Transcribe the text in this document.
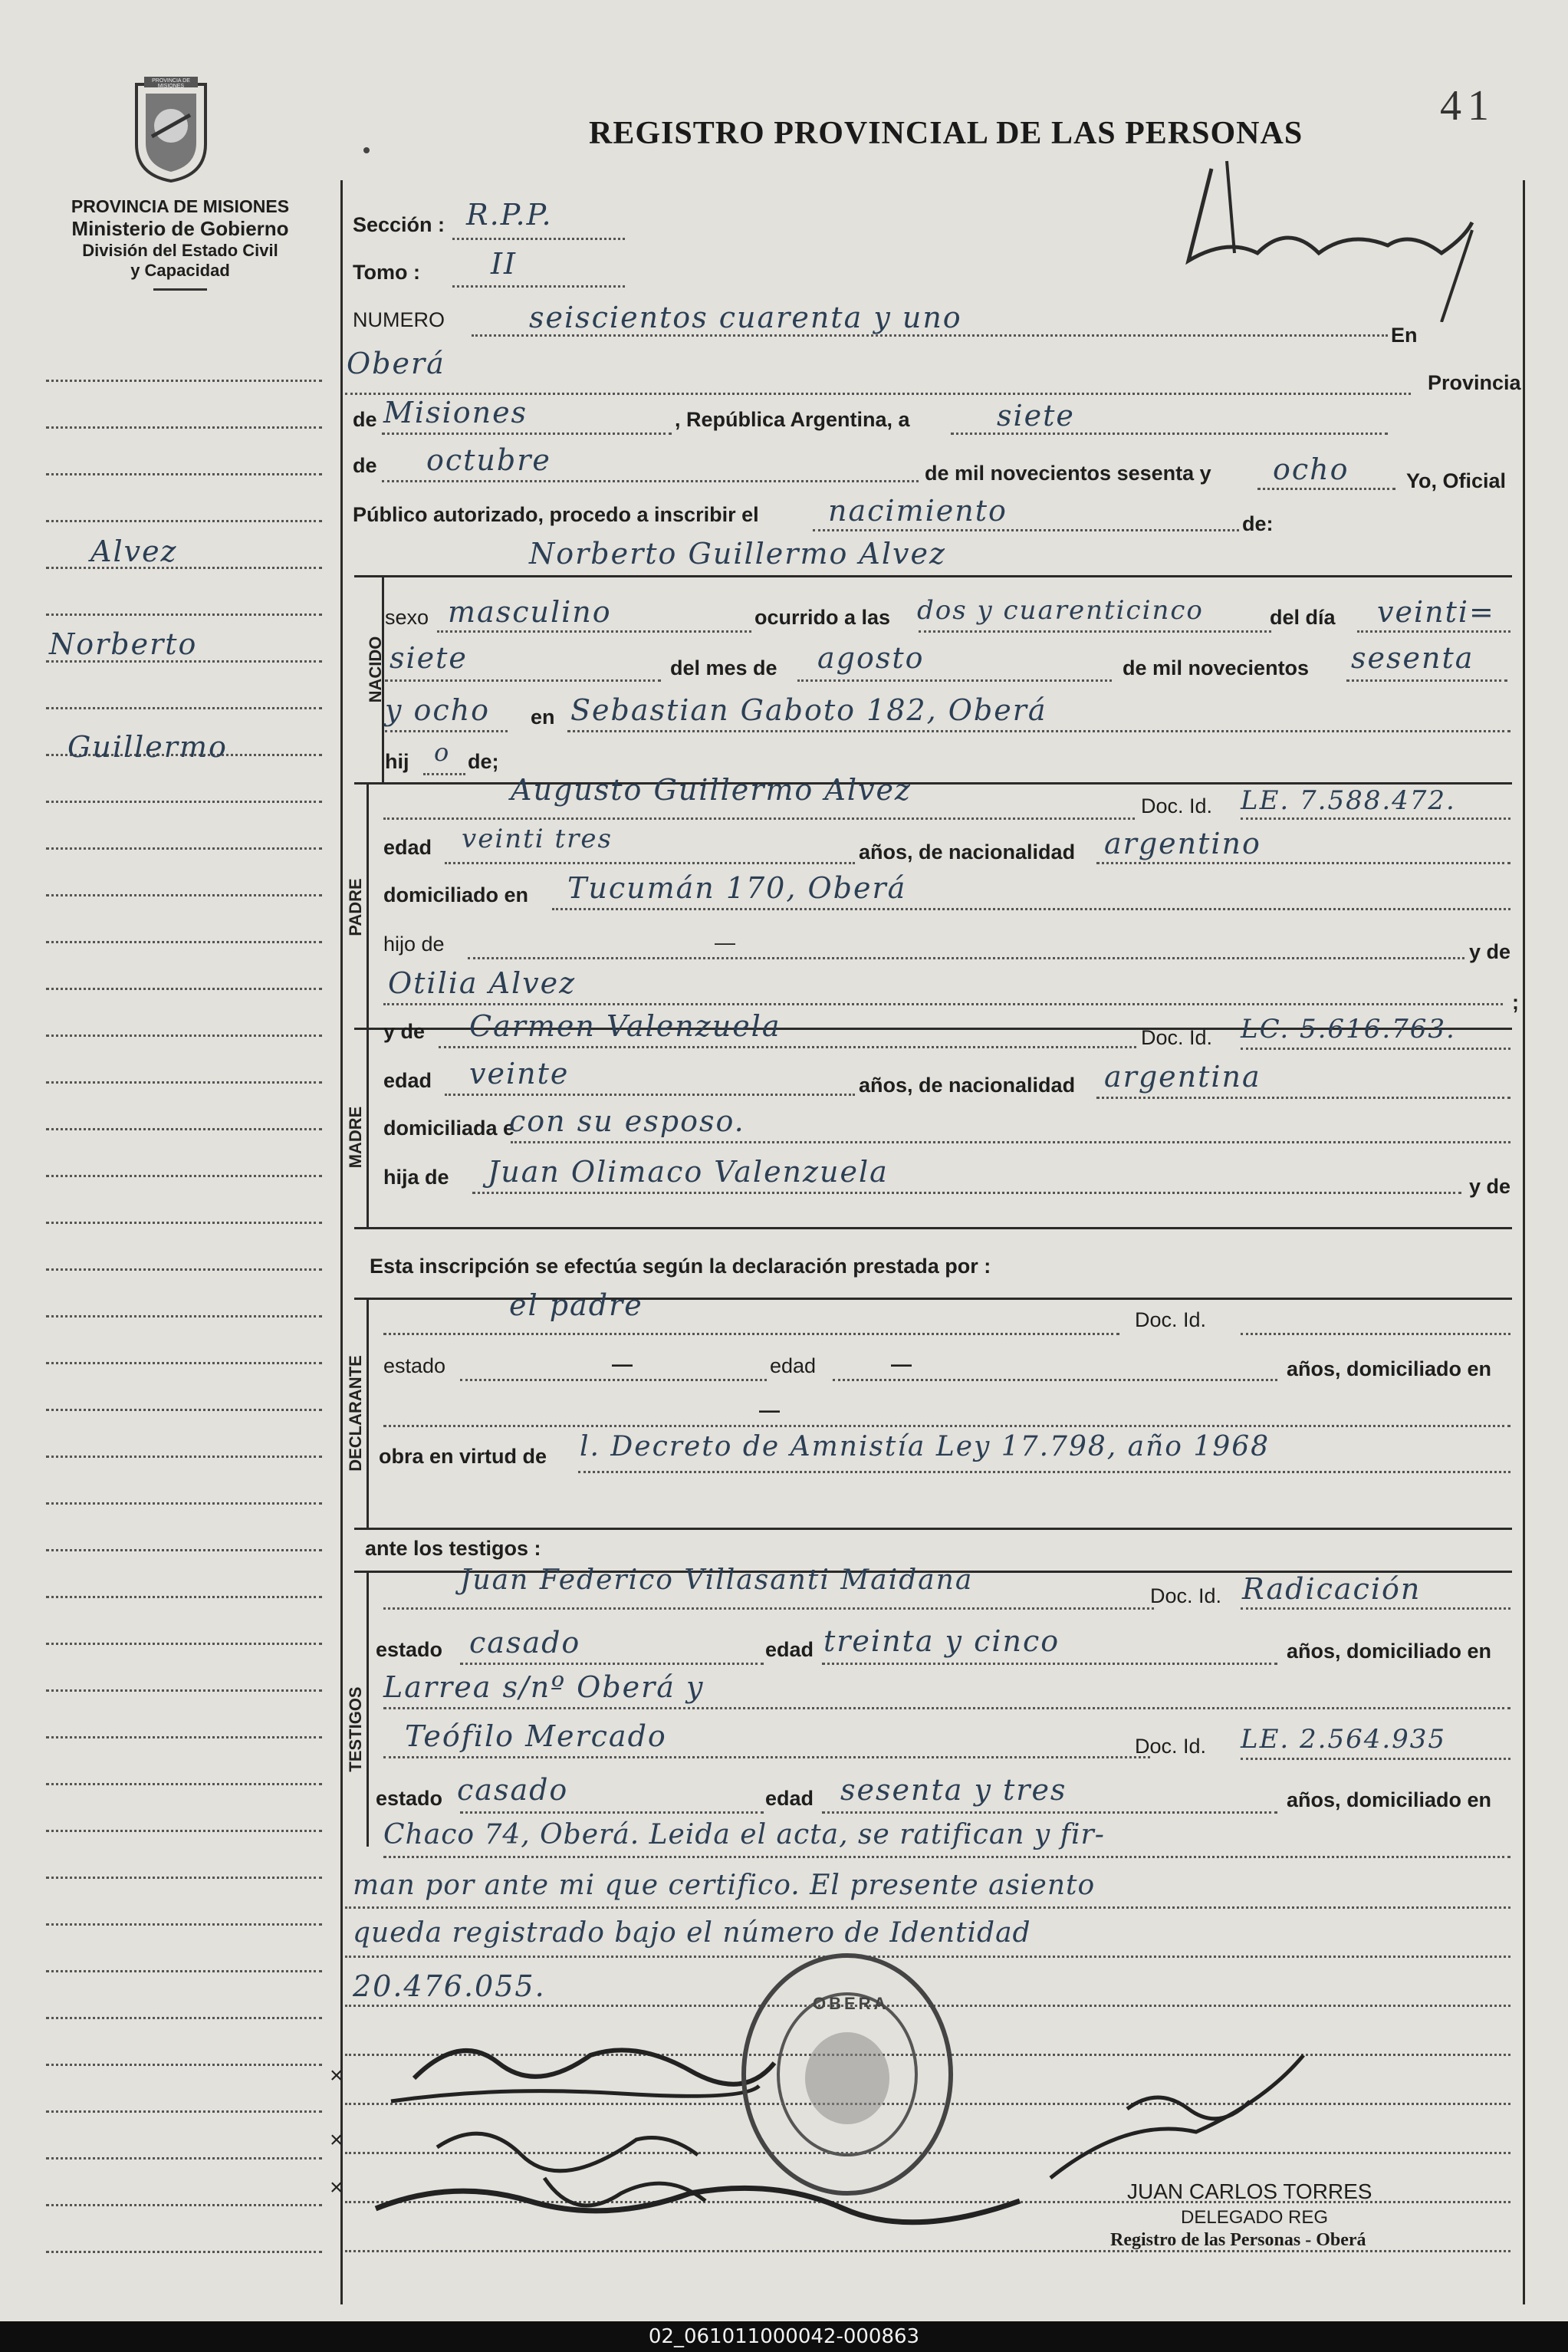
PROVINCIA DE MISIONES
PROVINCIA DE MISIONES
Ministerio de Gobierno
División del Estado Civil
y Capacidad
REGISTRO PROVINCIAL DE LAS PERSONAS
41
Alvez
Norberto
Guillermo
Sección : R.P.P.
Tomo : II
NUMERO	seiscientos cuarenta y uno
En
Oberá
Provincia
de Misiones	, República Argentina, a	siete
de octubre	de mil novecientos sesenta y ocho	Yo, Oficial
Público autorizado, procedo a inscribir el nacimiento	de:
NACIDO
Norberto Guillermo Alvez
sexo masculino	ocurrido a las dos y cuarenticinco	del día veinti=
siete	del mes de agosto	de mil novecientos sesenta
y ocho en Sebastian Gaboto 182, Oberá
hij o de;
PADRE
Augusto Guillermo Alvez	Doc. Id. LE. 7.588.472.
edad veinti tres	años, de nacionalidad argentino
domiciliado en Tucumán 170, Oberá
hijo de	—	y de
Otilia Alvez
;
MADRE
y de Carmen Valenzuela	Doc. Id. LC. 5.616.763.
edad veinte	años, de nacionalidad argentina
domiciliada e
con su esposo.
hija de Juan Olimaco Valenzuela	y de
Esta inscripción se efectúa según la declaración prestada por :
DECLARANTE
el padre	Doc. Id.
estado	—	edad	—	años, domiciliado en
—
obra en virtud de l. Decreto de Amnistía Ley 17.798, año 1968
ante los testigos :
TESTIGOS
Juan Federico Villasanti Maidana	Doc. Id. Radicación
estado casado	edad treinta y cinco	años, domiciliado en
Larrea s/nº Oberá y
Teófilo Mercado	Doc. Id. LE. 2.564.935
estado casado	edad sesenta y tres	años, domiciliado en
Chaco 74, Oberá. Leida el acta, se ratifican y fir-
man por ante mi que certifico. El presente asiento
queda registrado bajo el número de Identidad
20.476.055.
×
×
×
OBERA
JUAN CARLOS TORRES
DELEGADO REG
Registro de las Personas - Oberá
02_061011000042-000863
